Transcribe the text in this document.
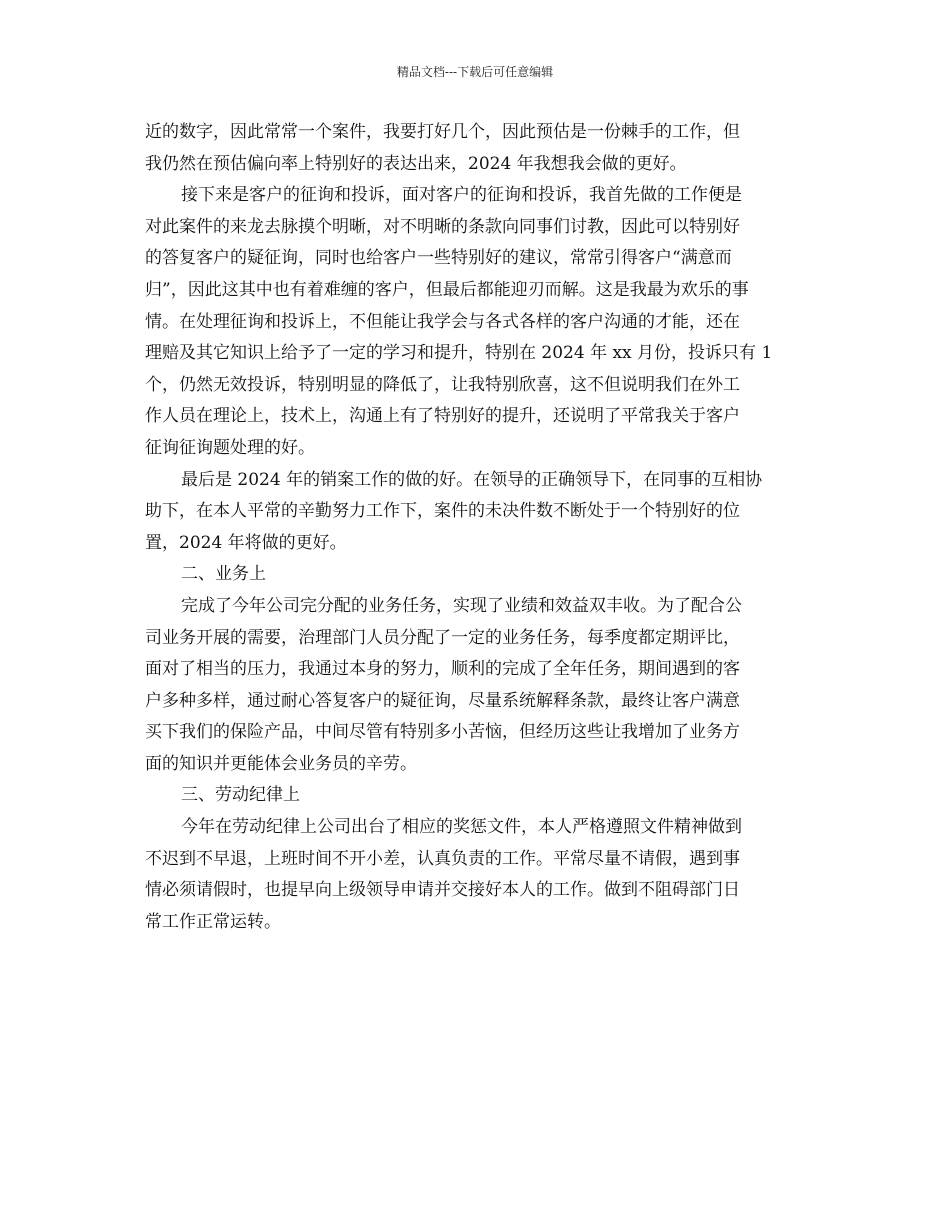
精品文档---下载后可任意编辑

近的数字，因此常常一个案件，我要打好几个，因此预估是一份棘手的工作，但
我仍然在预估偏向率上特别好的表达出来，2024 年我想我会做的更好。

接下来是客户的征询和投诉，面对客户的征询和投诉，我首先做的工作便是
对此案件的来龙去脉摸个明晰，对不明晰的条款向同事们讨教，因此可以特别好
的答复客户的疑征询，同时也给客户一些特别好的建议，常常引得客户“满意而
归”，因此这其中也有着难缠的客户，但最后都能迎刃而解。这是我最为欢乐的事
情。在处理征询和投诉上，不但能让我学会与各式各样的客户沟通的才能，还在
理赔及其它知识上给予了一定的学习和提升，特别在 2024 年 xx 月份，投诉只有 1
个，仍然无效投诉，特别明显的降低了，让我特别欣喜，这不但说明我们在外工
作人员在理论上，技术上，沟通上有了特别好的提升，还说明了平常我关于客户
征询征询题处理的好。

最后是 2024 年的销案工作的做的好。在领导的正确领导下，在同事的互相协
助下，在本人平常的辛勤努力工作下，案件的未决件数不断处于一个特别好的位
置，2024 年将做的更好。

二、业务上

完成了今年公司完分配的业务任务，实现了业绩和效益双丰收。为了配合公
司业务开展的需要，治理部门人员分配了一定的业务任务，每季度都定期评比，
面对了相当的压力，我通过本身的努力，顺利的完成了全年任务，期间遇到的客
户多种多样，通过耐心答复客户的疑征询，尽量系统解释条款，最终让客户满意
买下我们的保险产品，中间尽管有特别多小苦恼，但经历这些让我增加了业务方
面的知识并更能体会业务员的辛劳。

三、劳动纪律上

今年在劳动纪律上公司出台了相应的奖惩文件，本人严格遵照文件精神做到
不迟到不早退，上班时间不开小差，认真负责的工作。平常尽量不请假，遇到事
情必须请假时，也提早向上级领导申请并交接好本人的工作。做到不阻碍部门日
常工作正常运转。
